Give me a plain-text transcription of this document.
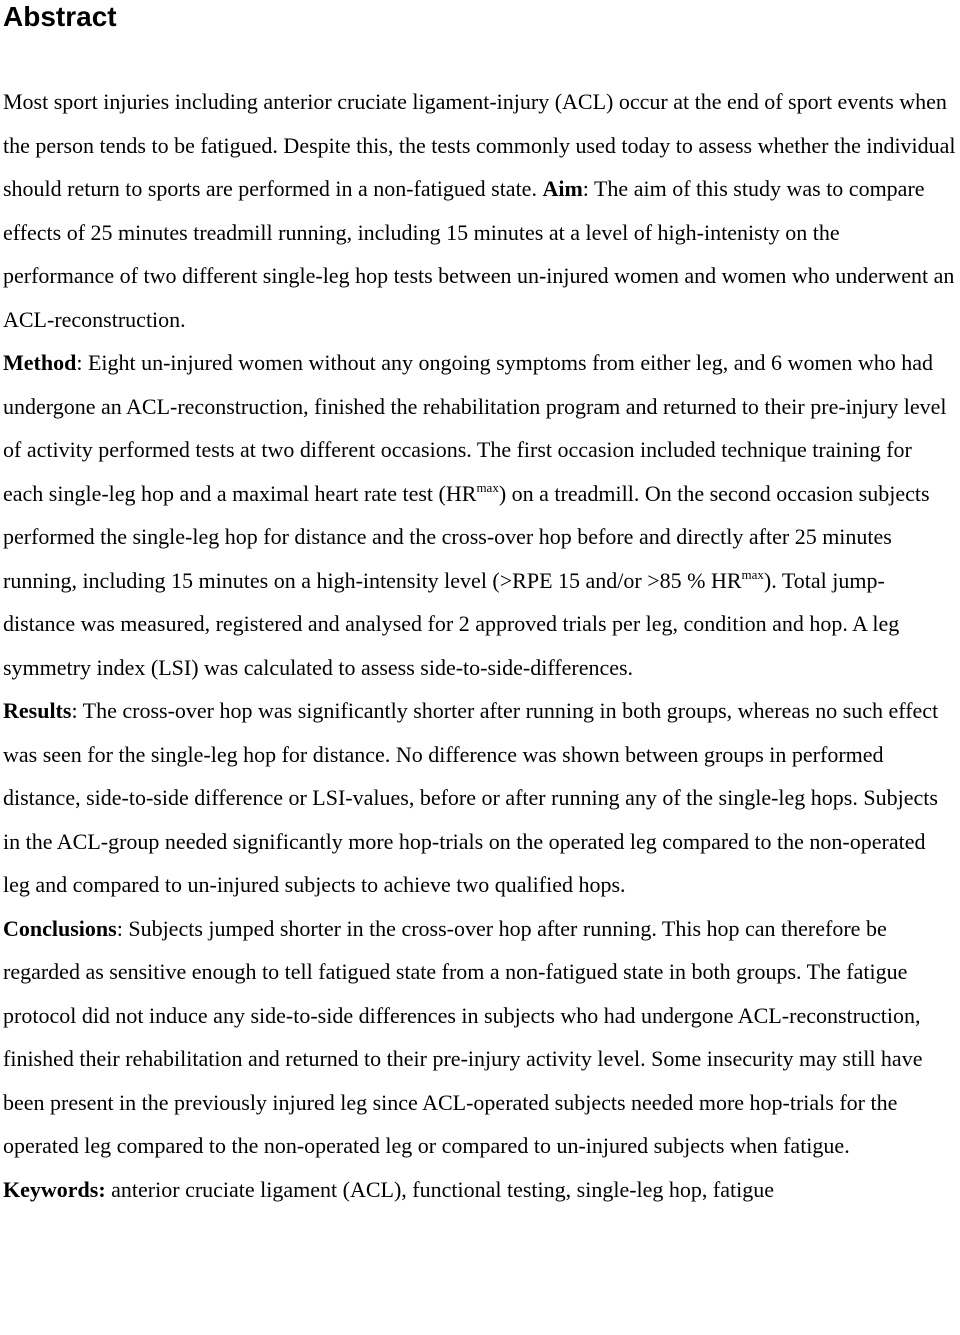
Abstract
Most sport injuries including anterior cruciate ligament-injury (ACL) occur at the end of sport events when the person tends to be fatigued. Despite this, the tests commonly used today to assess whether the individual should return to sports are performed in a non-fatigued state. Aim: The aim of this study was to compare effects of 25 minutes treadmill running, including 15 minutes at a level of high-intenisty on the performance of two different single-leg hop tests between un-injured women and women who underwent an ACL-reconstruction.
Method: Eight un-injured women without any ongoing symptoms from either leg, and 6 women who had undergone an ACL-reconstruction, finished the rehabilitation program and returned to their pre-injury level of activity performed tests at two different occasions. The first occasion included technique training for each single-leg hop and a maximal heart rate test $(HR^{max})$ on a treadmill. On the second occasion subjects performed the single-leg hop for distance and the cross-over hop before and directly after 25 minutes running, including 15 minutes on a high-intensity level (>RPE 15 and/or >85 % $HR^{max}$). Total jump-distance was measured, registered and analysed for 2 approved trials per leg, condition and hop. A leg symmetry index (LSI) was calculated to assess side-to-side-differences.
Results: The cross-over hop was significantly shorter after running in both groups, whereas no such effect was seen for the single-leg hop for distance. No difference was shown between groups in performed distance, side-to-side difference or LSI-values, before or after running any of the single-leg hops. Subjects in the ACL-group needed significantly more hop-trials on the operated leg compared to the non-operated leg and compared to un-injured subjects to achieve two qualified hops.
Conclusions: Subjects jumped shorter in the cross-over hop after running. This hop can therefore be regarded as sensitive enough to tell fatigued state from a non-fatigued state in both groups. The fatigue protocol did not induce any side-to-side differences in subjects who had undergone ACL-reconstruction, finished their rehabilitation and returned to their pre-injury activity level. Some insecurity may still have been present in the previously injured leg since ACL-operated subjects needed more hop-trials for the operated leg compared to the non-operated leg or compared to un-injured subjects when fatigue.
Keywords: anterior cruciate ligament (ACL), functional testing, single-leg hop, fatigue
